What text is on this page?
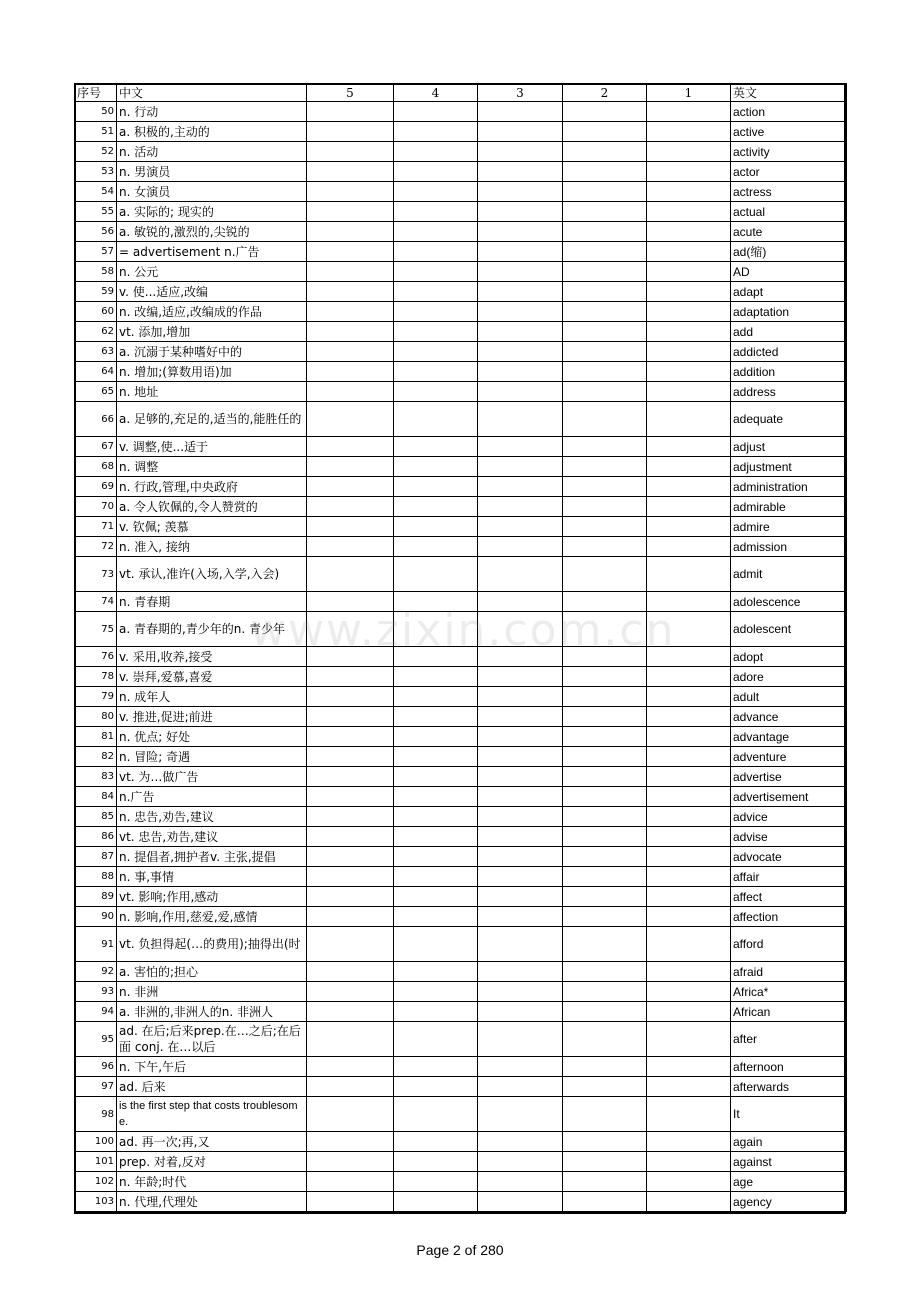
序号	中文	5	4	3	2	1	英文
50	n. 行动						action
51	a. 积极的,主动的						active
52	n. 活动						activity
53	n. 男演员						actor
54	n. 女演员						actress
55	a. 实际的; 现实的						actual
56	a. 敏锐的,激烈的,尖锐的						acute
57	= advertisement n.广告						ad(缩)
58	n. 公元						AD
59	v. 使...适应,改编						adapt
60	n. 改编,适应,改编成的作品						adaptation
62	vt. 添加,增加						add
63	a. 沉溺于某种嗜好中的						addicted
64	n. 增加;(算数用语)加						addition
65	n. 地址						address
66	a. 足够的,充足的,适当的,能胜任的						adequate
67	v. 调整,使...适于						adjust
68	n. 调整						adjustment
69	n. 行政,管理,中央政府						administration
70	a. 令人钦佩的,令人赞赏的						admirable
71	v. 钦佩; 羡慕						admire
72	n. 准入, 接纳						admission
73	vt. 承认,准许(入场,入学,入会)						admit
74	n. 青春期						adolescence
75	a. 青春期的,青少年的n. 青少年						adolescent
76	v. 采用,收养,接受						adopt
78	v. 崇拜,爱慕,喜爱						adore
79	n. 成年人						adult
80	v. 推进,促进;前进						advance
81	n. 优点; 好处						advantage
82	n. 冒险; 奇遇						adventure
83	vt. 为…做广告						advertise
84	n.广告						advertisement
85	n. 忠告,劝告,建议						advice
86	vt. 忠告,劝告,建议						advise
87	n. 提倡者,拥护者v. 主张,提倡						advocate
88	n. 事,事情						affair
89	vt. 影响;作用,感动						affect
90	n. 影响,作用,慈爱,爱,感情						affection
91	vt. 负担得起(…的费用);抽得出(时						afford
92	a. 害怕的;担心						afraid
93	n. 非洲						Africa*
94	a. 非洲的,非洲人的n. 非洲人						African
95	ad. 在后;后来prep.在…之后;在后面 conj. 在…以后						after
96	n. 下午,午后						afternoon
97	ad. 后来						afterwards
98	is the first step that costs troublesome.						It
100	ad. 再一次;再,又						again
101	prep. 对着,反对						against
102	n. 年龄;时代						age
103	n. 代理,代理处						agency
www.zixin.com.cn
Page 2 of 280
